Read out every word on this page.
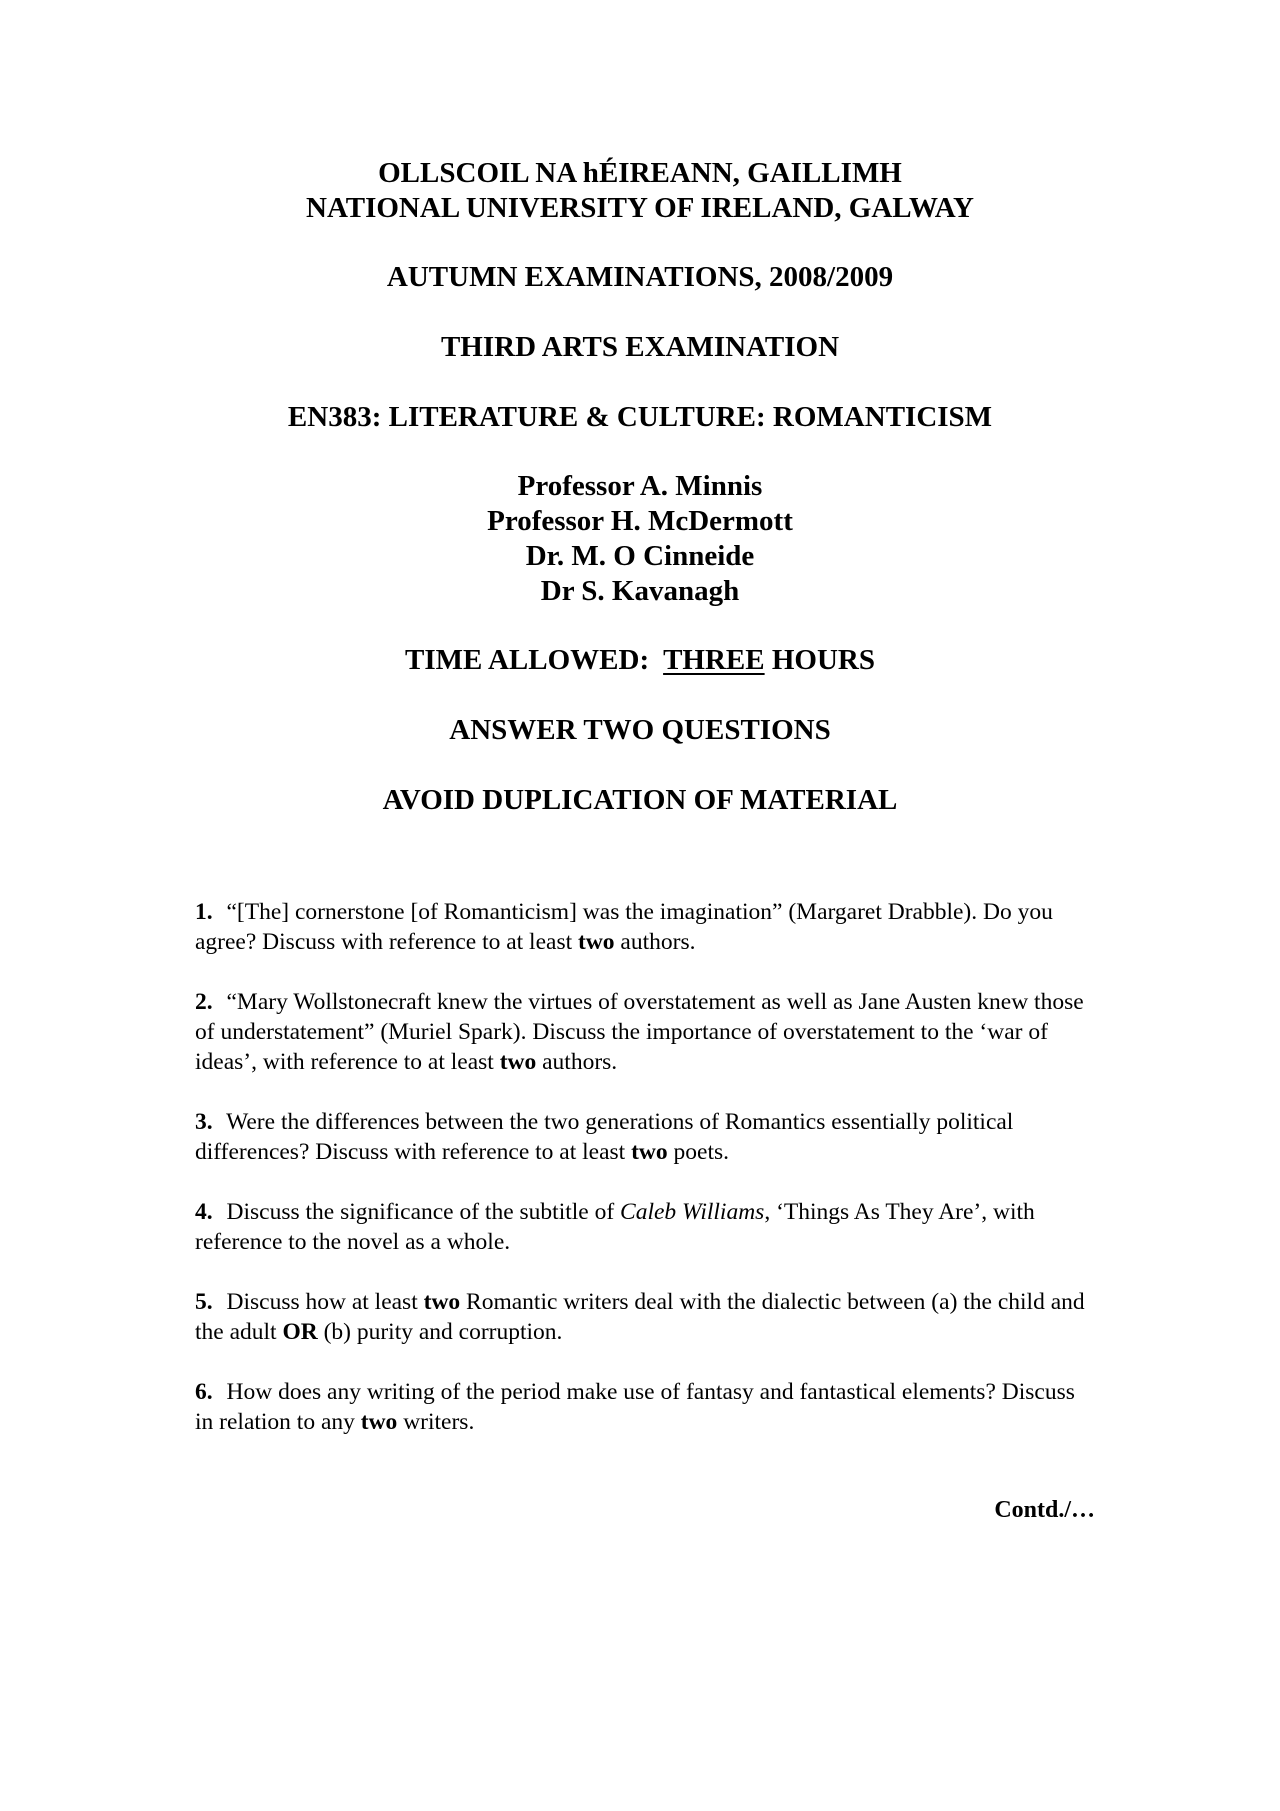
OLLSCOIL NA hÉIREANN, GAILLIMH
NATIONAL UNIVERSITY OF IRELAND, GALWAY
AUTUMN EXAMINATIONS, 2008/2009
THIRD ARTS EXAMINATION
EN383: LITERATURE & CULTURE: ROMANTICISM
Professor A. Minnis
Professor H. McDermott
Dr. M. O Cinneide
Dr S. Kavanagh
TIME ALLOWED: THREE HOURS
ANSWER TWO QUESTIONS
AVOID DUPLICATION OF MATERIAL

1. “[The] cornerstone [of Romanticism] was the imagination” (Margaret Drabble). Do you agree? Discuss with reference to at least two authors.

2. “Mary Wollstonecraft knew the virtues of overstatement as well as Jane Austen knew those of understatement” (Muriel Spark). Discuss the importance of overstatement to the ‘war of ideas’, with reference to at least two authors.

3. Were the differences between the two generations of Romantics essentially political differences? Discuss with reference to at least two poets.

4. Discuss the significance of the subtitle of Caleb Williams, ‘Things As They Are’, with reference to the novel as a whole.

5. Discuss how at least two Romantic writers deal with the dialectic between (a) the child and the adult OR (b) purity and corruption.

6. How does any writing of the period make use of fantasy and fantastical elements? Discuss in relation to any two writers.

Contd./…
